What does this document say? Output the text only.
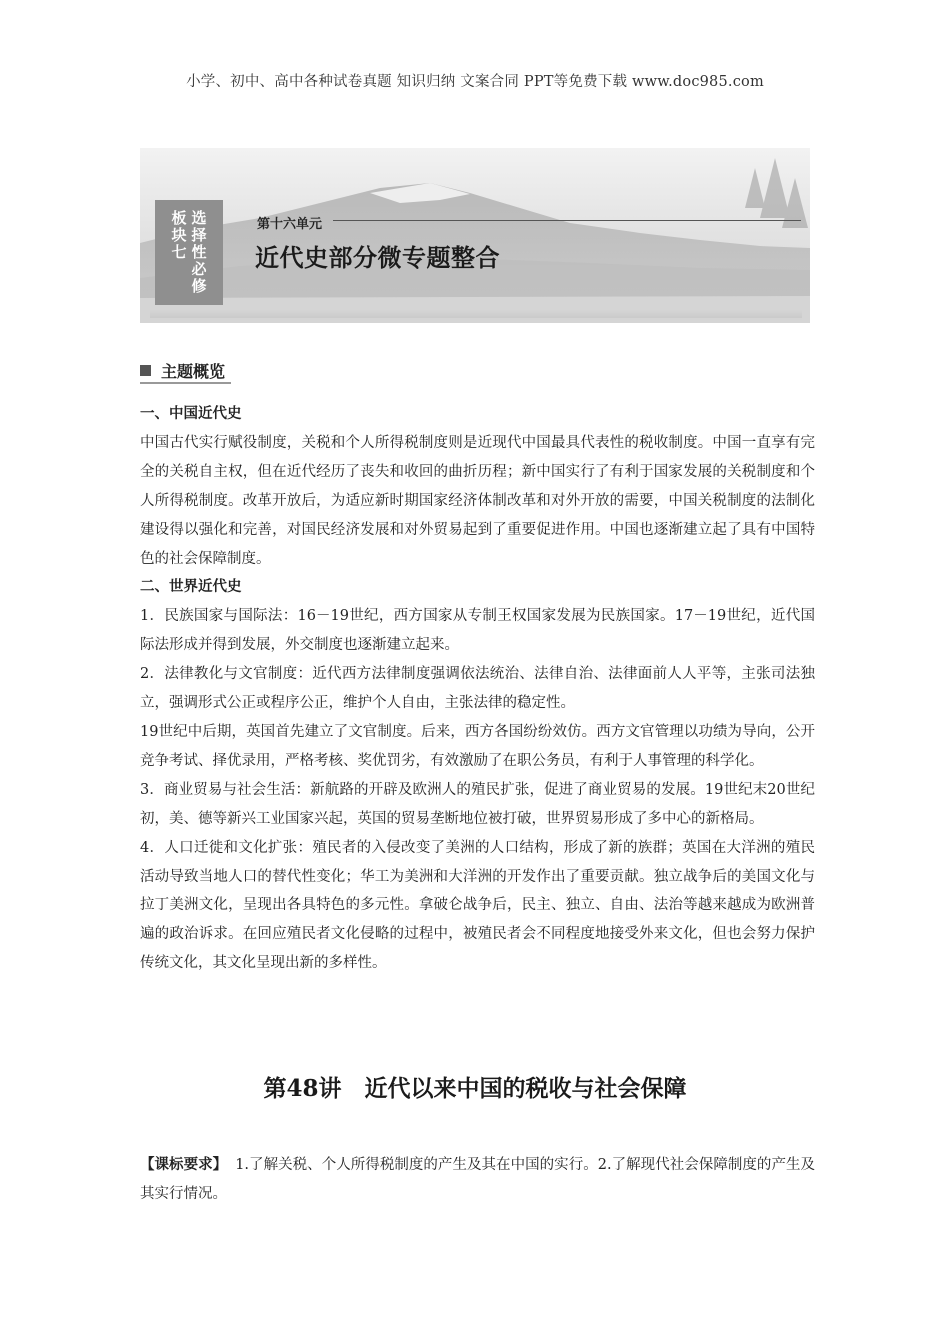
小学、初中、高中各种试卷真题 知识归纳 文案合同 PPT等免费下载 www.doc985.com
板块七
选择性必修
第十六单元
近代史部分微专题整合
主题概览

一、中国近代史

中国古代实行赋役制度，关税和个人所得税制度则是近现代中国最具代表性的税收制度。中国一直享有完全的关税自主权，但在近代经历了丧失和收回的曲折历程；新中国实行了有利于国家发展的关税制度和个人所得税制度。改革开放后，为适应新时期国家经济体制改革和对外开放的需要，中国关税制度的法制化建设得以强化和完善，对国民经济发展和对外贸易起到了重要促进作用。中国也逐渐建立起了具有中国特色的社会保障制度。

二、世界近代史

1．民族国家与国际法：16－19世纪，西方国家从专制王权国家发展为民族国家。17－19世纪，近代国际法形成并得到发展，外交制度也逐渐建立起来。

2．法律教化与文官制度：近代西方法律制度强调依法统治、法律自治、法律面前人人平等，主张司法独立，强调形式公正或程序公正，维护个人自由，主张法律的稳定性。

19世纪中后期，英国首先建立了文官制度。后来，西方各国纷纷效仿。西方文官管理以功绩为导向，公开竞争考试、择优录用，严格考核、奖优罚劣，有效激励了在职公务员，有利于人事管理的科学化。

3．商业贸易与社会生活：新航路的开辟及欧洲人的殖民扩张，促进了商业贸易的发展。19世纪末20世纪初，美、德等新兴工业国家兴起，英国的贸易垄断地位被打破，世界贸易形成了多中心的新格局。

4．人口迁徙和文化扩张：殖民者的入侵改变了美洲的人口结构，形成了新的族群；英国在大洋洲的殖民活动导致当地人口的替代性变化；华工为美洲和大洋洲的开发作出了重要贡献。独立战争后的美国文化与拉丁美洲文化，呈现出各具特色的多元性。拿破仑战争后，民主、独立、自由、法治等越来越成为欧洲普遍的政治诉求。在回应殖民者文化侵略的过程中，被殖民者会不同程度地接受外来文化，但也会努力保护传统文化，其文化呈现出新的多样性。

第48讲　近代以来中国的税收与社会保障
【课标要求】 1.了解关税、个人所得税制度的产生及其在中国的实行。2.了解现代社会保障制度的产生及其实行情况。
